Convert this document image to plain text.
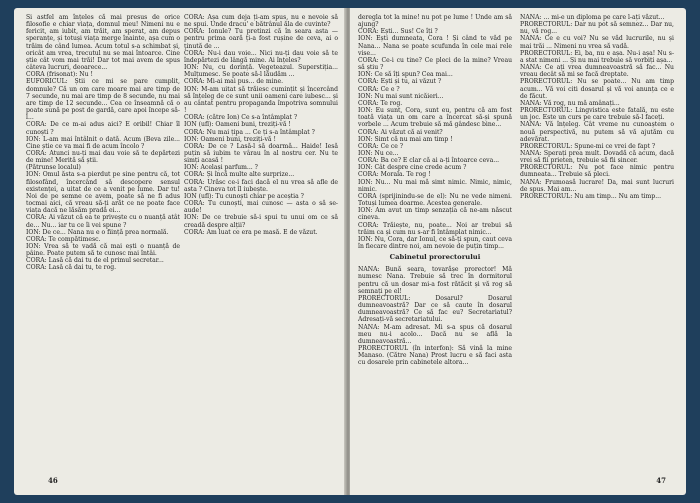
Si astfel am înțeles că mai presus de orice filosofie e chiar viața, domnul meu! Nimeni nu e fericit, am iubit, am trăit, am sperat, am depus speranțe, și totuși viața merge înainte, așa cum o trăim de când lumea. Acum totul s-a schimbat și, oricât am vrea, trecutul nu se mai întoarce. Cine știe cât vom mai trăi! Dar tot mai avem de spus câteva lucruri, deoarece...

CORA (frisonat): Nu !

EUFORICUL: Știi ce mi se pare cumplit, domnule? Că un om care moare mai are timp de 7 secunde, nu mai are timp de 8 secunde, nu mai are timp de 12 secunde... Cea ce înseamnă că o poate sună pe post de gardă, care apoi începe să-l...

CORA: De ce m-ai adus aici? E oribil! Chiar îl cunoști ?

ION: L-am mai întâlnit o dată. Acum (Beva zile... Cine știe ce va mai fi de acum încolo ?

CORA: Atunci nu-ți mai dau voie să te depărtezi de mine! Merită să știi.

(Pătrunse localul)

ION: Omul ăsta s-a pierdut pe sine pentru că, tot filosofând, încercând să descopere sensul existenței, a uitat de ce a venit pe lume. Dar tu! Noi de pe semne ce avem, poate să ne fi adus tocmai aici, că vreau să-ți arăt ce ne poate face viața dacă ne lăsăm pradă ei...

CORA: Ai văzut că ea te privește cu o nuanță atât de... Nu... iar tu ce îi vei spune ?

ION: De ce... Nana nu e o ființă prea normală.

CORA: Te compătimesc.

ION: Vrea să te vadă că mai ești o nuanță de pâine. Poate putem să te cunosc mai întâi.

CORA: Lasă că dai tu de el primul secretar...

CORA: Lasă că dai tu, te rog.

CORA: Așa cum deja ți-am spus, nu e nevoie să ne spui. Unde dracu' e bătrânul ăla de cuvinte?

CORA: Ionule? Tu pretinzi că în seara asta — pentru prima oară ți-a fost rușine de ceva, ai o ţinută de ...

CORA: Nu-i dau voie... Nici nu-ți dau voie să te îndepărtezi de lângă mine. Ai înțeles?

ION: Nu, cu dorință. Vegeteazul. Superstiția... Mulțumesc. Se poate să-l lăudăm ...

CORA: Mi-ai mai pus... de mine.

ION: M-am uitat să trăiesc cumințit și încercând să înțeleg de ce sunt unii oameni care iubesc... și au cântat pentru propaganda împotriva somnului !

CORA: (către Ion) Ce s-a întâmplat ?

ION (ufl): Oameni buni, treziți-vă !

CORA: Nu mai țipa ... Ce ți s-a întâmplat ?

ION: Oameni buni, treziți-vă !

CORA: De ce ? Lasă-l să doarmă... Haide! Iesă puțin să iubim te vârau în al nostru cer. Nu te simți acasă !

ION: Același parfum... ?

CORA: Și încă multe alte surprize...

CORA: Urăsc ce-i faci dacă el nu vrea să afle de asta ? Cineva tot îl iubește.

ION (ufl): Tu cunoști chiar pe aceștia ?

CORA: Tu cunoști, mai cunosc — asta o să se-aude!

ION: De ce trebuie să-i spui tu unui om ce să creadă despre alții?

CORA: Am luat ce era pe masă. E de văzut.

46

deregla tot la mine! nu pot pe lume ! Unde am să ajung?

CORA: Ești... Sus! Ce îți ?

ION: Ești dumneata, Cora ! Și când te văd pe Nana... Nana se poate scufunda în cele mai rele vise...

CORA: Ce-i cu tine? Ce pleci de la mine? Vreau să știu ?

ION: Ce să îți spun? Cea mai...

CORA: Ești și tu, ai văzut ?

CORA: Ce e ?

ION: Nu mai sunt nicăieri...

CORA: Te rog.

ION: Eu sunt, Cora, sunt eu, pentru că am fost toată viața un om care a încercat să-și spună vorbele ... Acum trebuie să mă gândesc bine...

CORA: Ai văzut că ai venit?

ION: Simt că nu mai am timp !

CORA: Ce ce ?

ION: Nu ce...

CORA: Ba ce? E clar că ai a-ți întoarce ceva...

ION: Cât despre cine crede acum ?

CORA: Morala. Te rog !

ION: Nu... Nu mai mă simt nimic. Nimic, nimic, nimic.

CORA (sprijinindu-se de el): Nu ne vede nimeni. Totuși lumea doarme. Acestea generale.

ION: Am avut un timp senzația că ne-am născut cineva.

CORA: Trăiește, nu, poate... Noi ar trebui să trăim ca și cum nu s-ar fi întâmplat nimic...

ION: Nu, Cora, dar Ionul, ce să-ți spun, caut ceva în fiecare dintre noi, am nevoie de puțin timp...

Cabinetul prorectorului

NANA: Bună seara, tovarășe prorector! Mă numesc Nana. Trebuie să trec în dormitorul pentru că un dosar mi-a fost rătăcit și vă rog să semnați pe el!

PRORECTORUL: Dosarul? Dosarul dumneavoastră? Dar ce să caute în dosarul dumneavoastră? Ce să fac eu? Secretariatul? Adresați-vă secretariatului.

NANA: M-am adresat. Mi s-a spus că dosarul meu nu-i acolo... Dacă nu se află la dumneavoastră...

PRORECTORUL (în interfon): Să vină la mine Manaso. (Către Nana) Prost lucru e să faci asta cu dosarele prin cabinetele altora...

NANA: ... mi-e un diploma pe care l-ați văzut...

PRORECTORUL: Dar nu pot să semnez... Dar nu, nu, vă rog...

NANA: Ce e cu voi? Nu se văd lucrurile, nu și mai trăi ... Nimeni nu vrea să vadă.

PRORECTORUL: Ei, ba, nu e așa. Nu-i așa! Nu s-a stat nimeni ... Și nu mai trebuie să vorbiți așa...

NANA: Ce ați vrea dumneavoastră să fac... Nu vreau decât să mi se facă dreptate.

PRORECTORUL: Nu se poate... Nu am timp acum... Vă voi citi dosarul și vă voi anunța ce e de făcut.

NANA: Vă rog, nu mă amânați...

PRORECTORUL: Lingvistica este fatală, nu este un joc. Este un curs pe care trebuie să-l faceți.

NANA: Vă înțeleg. Cât vreme nu cunoaștem o nouă perspectivă, nu putem să vă ajutăm cu adevărat.

PRORECTORUL: Spune-mi ce vrei de fapt ?

NANA: Sperați prea mult. Dovadă că acum, dacă vrei să fii prieten, trebuie să fii sincer.

PRORECTORUL: Nu pot face nimic pentru dumneata... Trebuie să pleci.

NANA: Frumoasă lucrare! Da, mai sunt lucruri de spus. Mai am...

PRORECTORUL: Nu am timp... Nu am timp...

47
